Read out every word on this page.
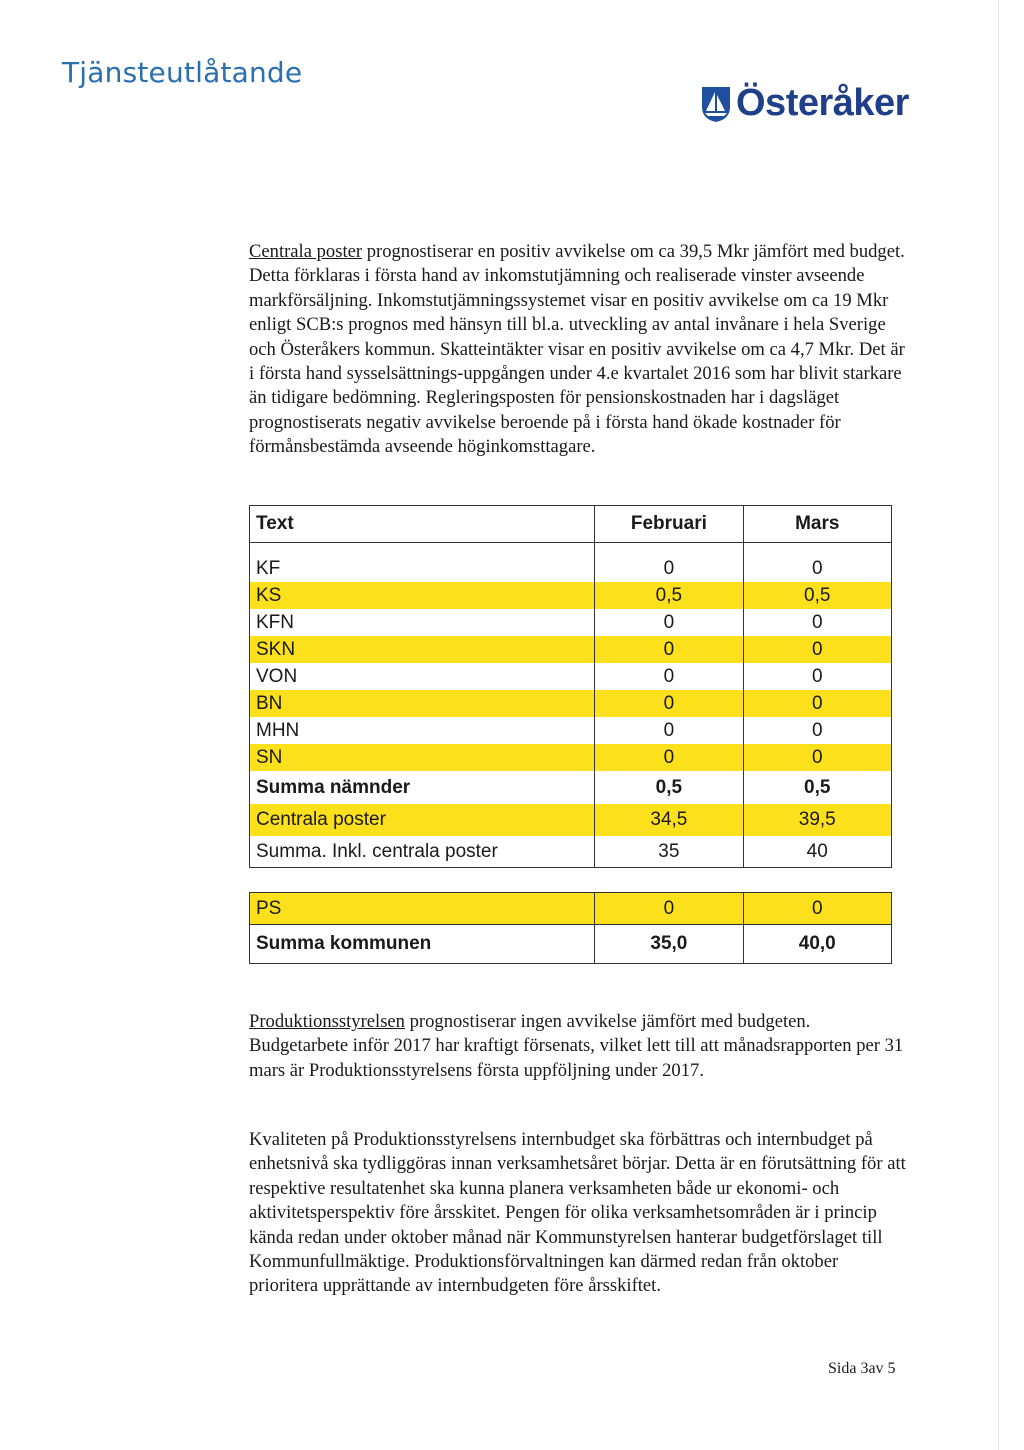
Tjänsteutlåtande
Österåker

Centrala poster prognostiserar en positiv avvikelse om ca 39,5 Mkr jämfört med budget. Detta förklaras i första hand av inkomstutjämning och realiserade vinster avseende markförsäljning. Inkomstutjämningssystemet visar en positiv avvikelse om ca 19 Mkr enligt SCB:s prognos med hänsyn till bl.a. utveckling av antal invånare i hela Sverige och Österåkers kommun. Skatteintäkter visar en positiv avvikelse om ca 4,7 Mkr. Det är i första hand sysselsättnings-uppgången under 4.e kvartalet 2016 som har blivit starkare än tidigare bedömning. Regleringsposten för pensionskostnaden har i dagsläget prognostiserats negativ avvikelse beroende på i första hand ökade kostnader för förmånsbestämda avseende höginkomsttagare.

Text	Februari	Mars

KF	0	0
KS	0,5	0,5
KFN	0	0
SKN	0	0
VON	0	0
BN	0	0
MHN	0	0
SN	0	0
Summa nämnder	0,5	0,5
Centrala poster	34,5	39,5
Summa. Inkl. centrala poster	35	40

PS	0	0
Summa kommunen	35,0	40,0

Produktionsstyrelsen prognostiserar ingen avvikelse jämfört med budgeten. Budgetarbete inför 2017 har kraftigt försenats, vilket lett till att månadsrapporten per 31 mars är Produktionsstyrelsens första uppföljning under 2017.

Kvaliteten på Produktionsstyrelsens internbudget ska förbättras och internbudget på enhetsnivå ska tydliggöras innan verksamhetsåret börjar. Detta är en förutsättning för att respektive resultatenhet ska kunna planera verksamheten både ur ekonomi- och aktivitetsperspektiv före årsskitet. Pengen för olika verksamhetsområden är i princip kända redan under oktober månad när Kommunstyrelsen hanterar budgetförslaget till Kommunfullmäktige. Produktionsförvaltningen kan därmed redan från oktober prioritera upprättande av internbudgeten före årsskiftet.

Sida 3av 5
